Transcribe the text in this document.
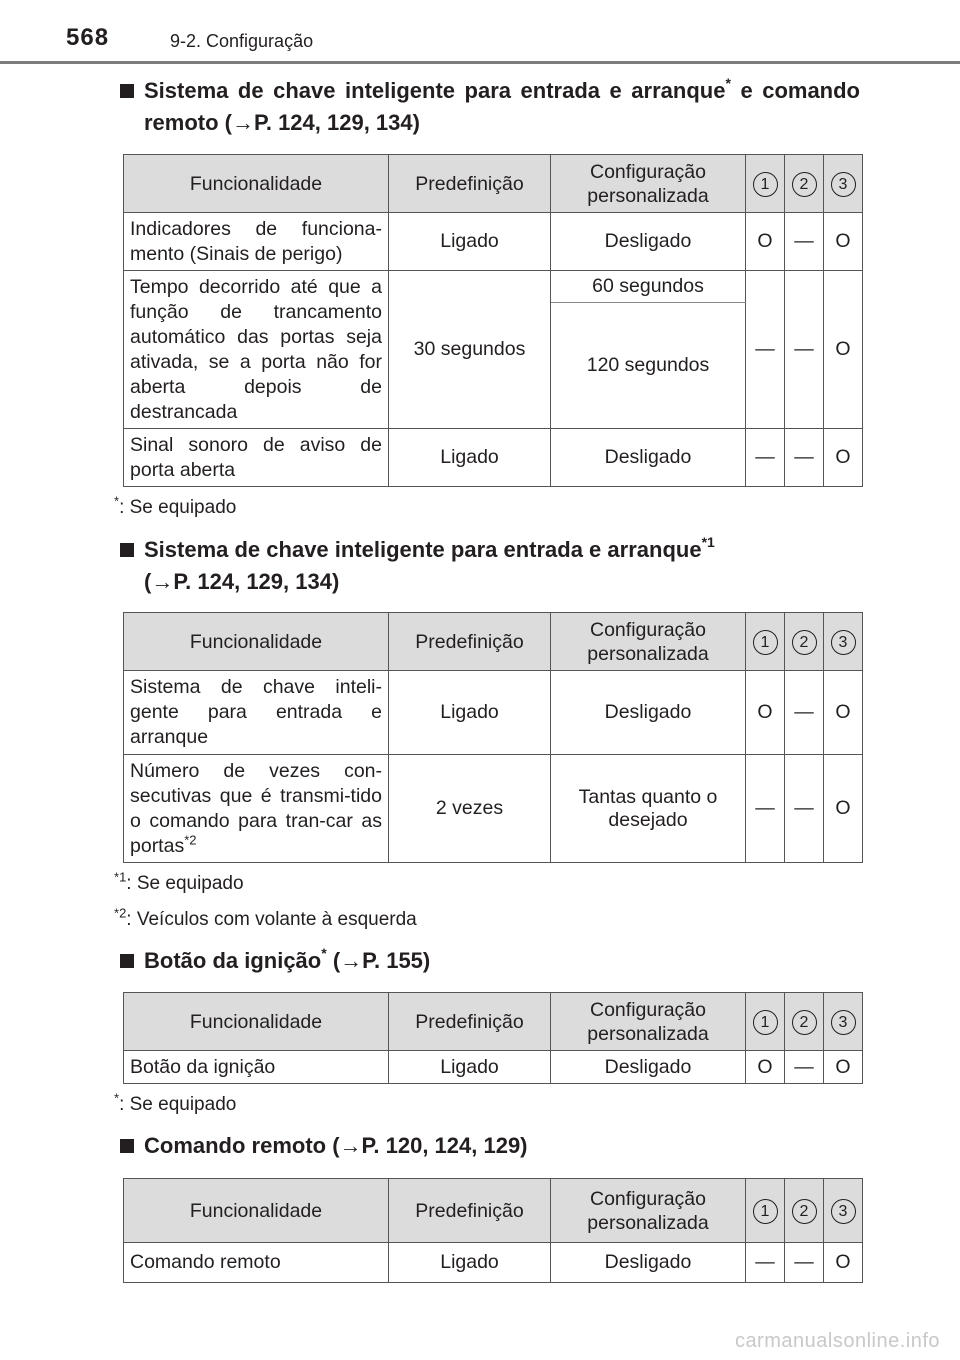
568	9-2. Configuração
Sistema de chave inteligente para entrada e arranque* e comando remoto (→P. 124, 129, 134)
Funcionalidade	Predefinição	Configuração personalizada	1	2	3
Indicadores de funciona-mento (Sinais de perigo)	Ligado	Desligado	O	—	O
Tempo decorrido até que a função de trancamento automático das portas seja ativada, se a porta não for aberta depois de destrancada	30 segundos	60 segundos	—	—	O
		120 segundos			
Sinal sonoro de aviso de porta aberta	Ligado	Desligado	—	—	O
*: Se equipado
Sistema de chave inteligente para entrada e arranque$^{*1}$
(→P. 124, 129, 134)
Funcionalidade	Predefinição	Configuração personalizada	1	2	3
Sistema de chave inteli-gente para entrada e arranque	Ligado	Desligado	O	—	O
Número de vezes con-secutivas que é transmi-tido o comando para tran-car as portas$^{*2}$	2 vezes	Tantas quanto o desejado	—	—	O
$^{*1}$: Se equipado
$^{*2}$: Veículos com volante à esquerda
Botão da ignição* (→P. 155)
Funcionalidade	Predefinição	Configuração personalizada	1	2	3
Botão da ignição	Ligado	Desligado	O	—	O
*: Se equipado
Comando remoto (→P. 120, 124, 129)
Funcionalidade	Predefinição	Configuração personalizada	1	2	3
Comando remoto	Ligado	Desligado	—	—	O
carmanualsonline.info
